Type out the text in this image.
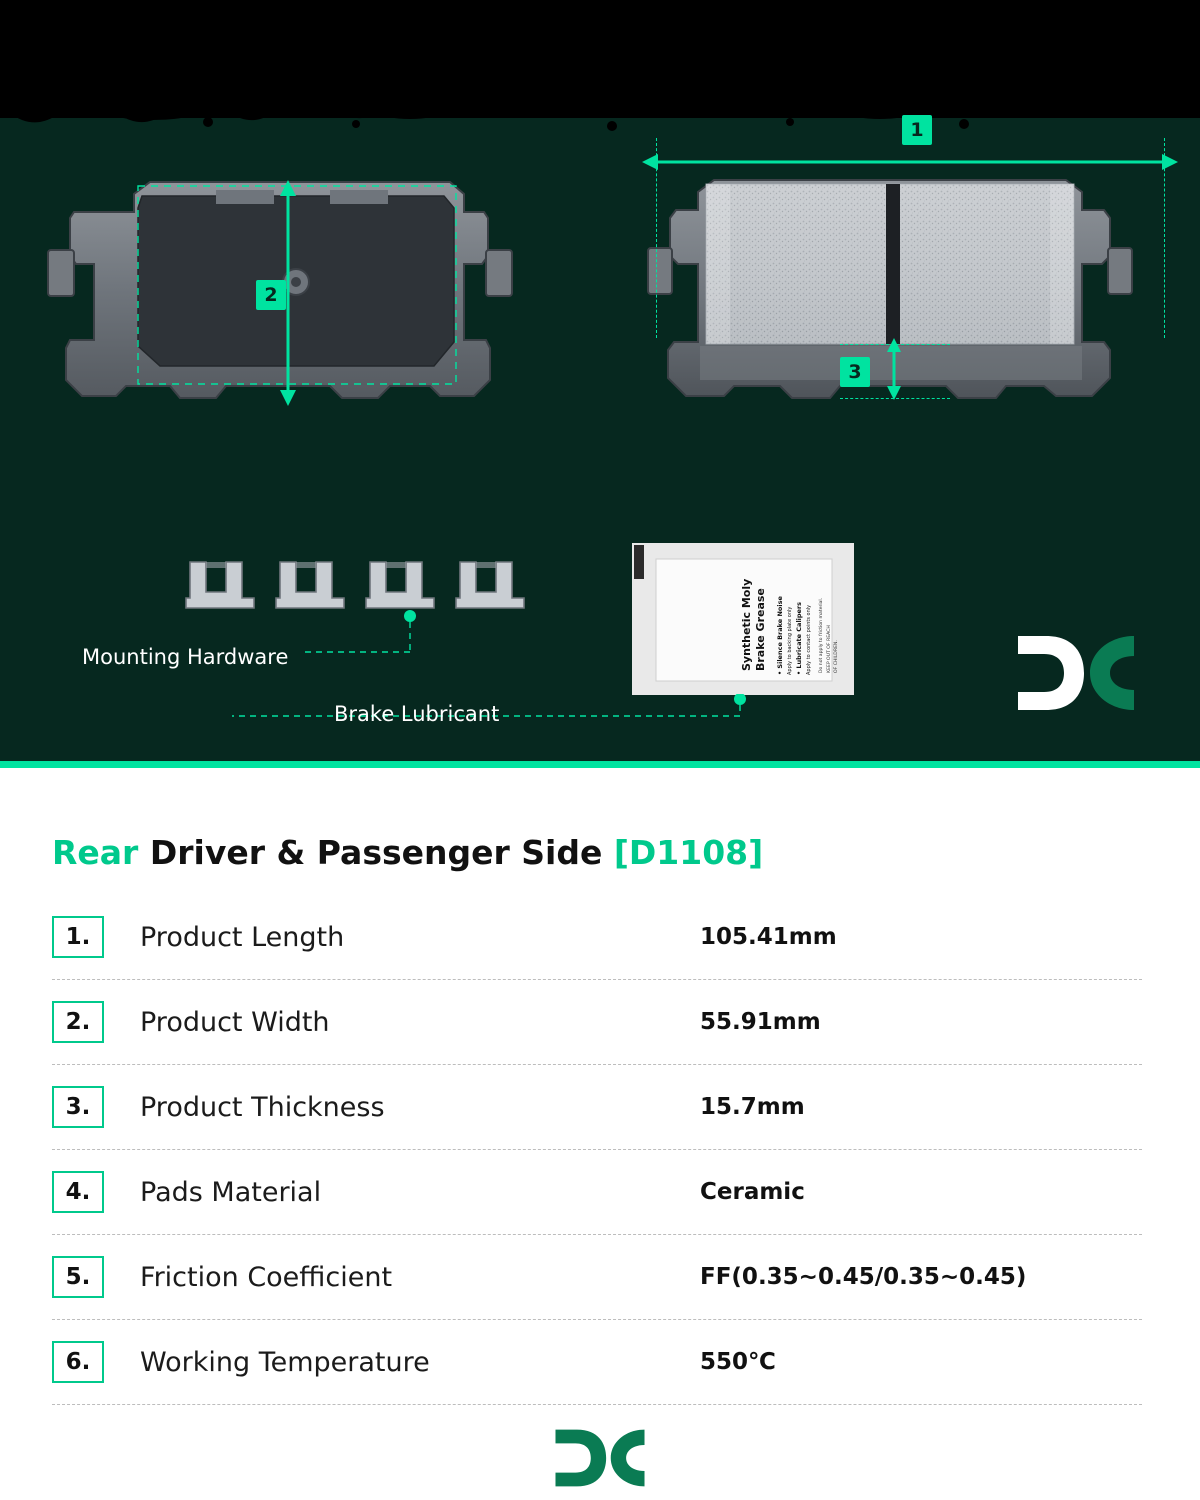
2
1
3
Mounting Hardware	Synthetic Moly Brake Grease • Silence Brake Noise Apply to backing plate only • Lubricate Calipers Apply to contact points only Do not apply to friction material. KEEP OUT OF REACH OF CHILDREN.
Brake Lubricant
Rear Driver & Passenger Side [D1108]
1.	Product Length	105.41mm
2.	Product Width	55.91mm
3.	Product Thickness	15.7mm
4.	Pads Material	Ceramic
5.	Friction Coefficient	FF(0.35~0.45/0.35~0.45)
6.	Working Temperature	550℃
